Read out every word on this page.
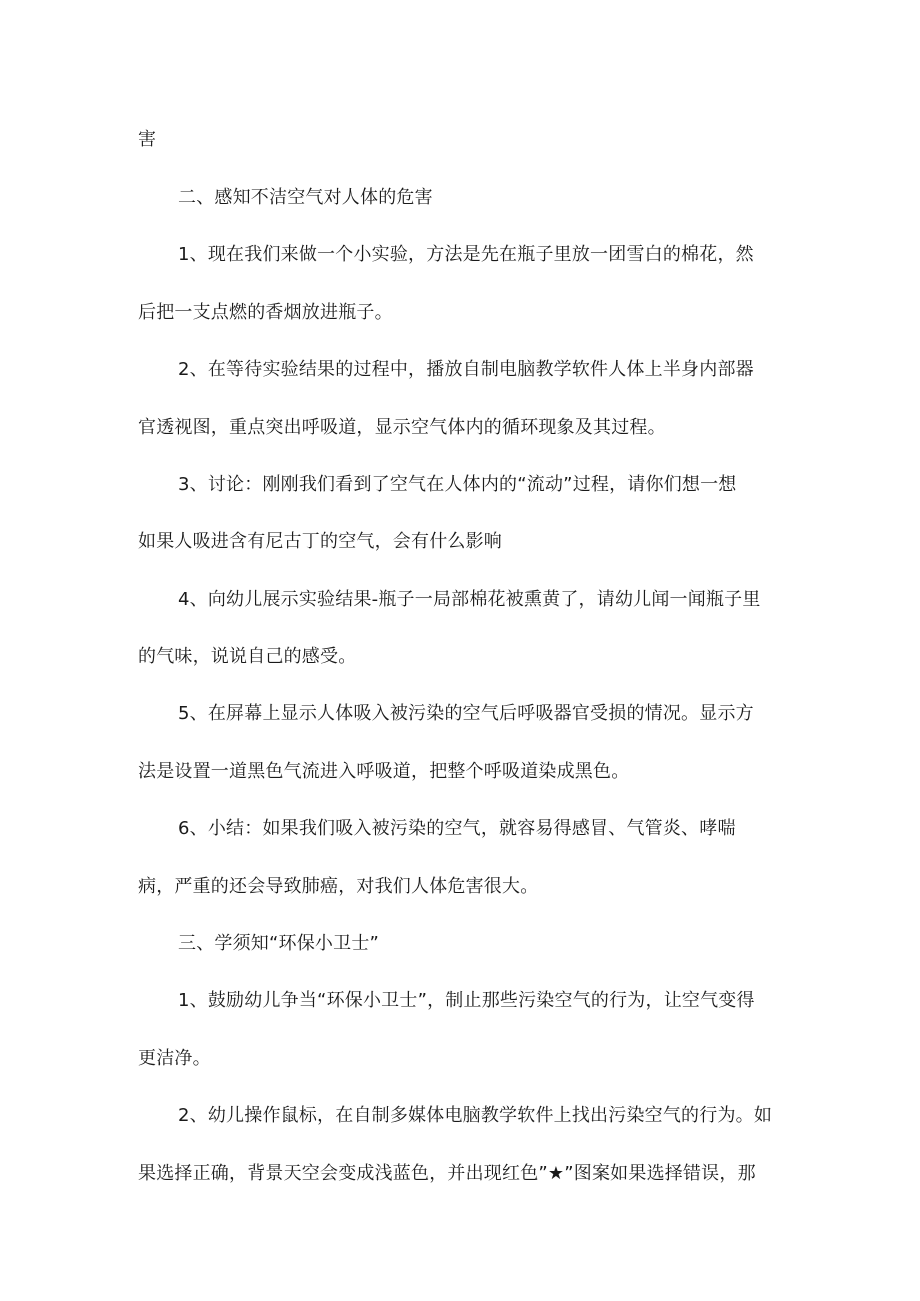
害
二、感知不洁空气对人体的危害
1、现在我们来做一个小实验，方法是先在瓶子里放一团雪白的棉花，然
后把一支点燃的香烟放进瓶子。
2、在等待实验结果的过程中，播放自制电脑教学软件人体上半身内部器
官透视图，重点突出呼吸道，显示空气体内的循环现象及其过程。
3、讨论：刚刚我们看到了空气在人体内的“流动”过程，请你们想一想
如果人吸进含有尼古丁的空气，会有什么影响
4、向幼儿展示实验结果-瓶子一局部棉花被熏黄了，请幼儿闻一闻瓶子里
的气味，说说自己的感受。
5、在屏幕上显示人体吸入被污染的空气后呼吸器官受损的情况。显示方
法是设置一道黑色气流进入呼吸道，把整个呼吸道染成黑色。
6、小结：如果我们吸入被污染的空气，就容易得感冒、气管炎、哮喘
病，严重的还会导致肺癌，对我们人体危害很大。
三、学须知“环保小卫士”
1、鼓励幼儿争当“环保小卫士”，制止那些污染空气的行为，让空气变得
更洁净。
2、幼儿操作鼠标，在自制多媒体电脑教学软件上找出污染空气的行为。如
果选择正确，背景天空会变成浅蓝色，并出现红色”★”图案如果选择错误，那
